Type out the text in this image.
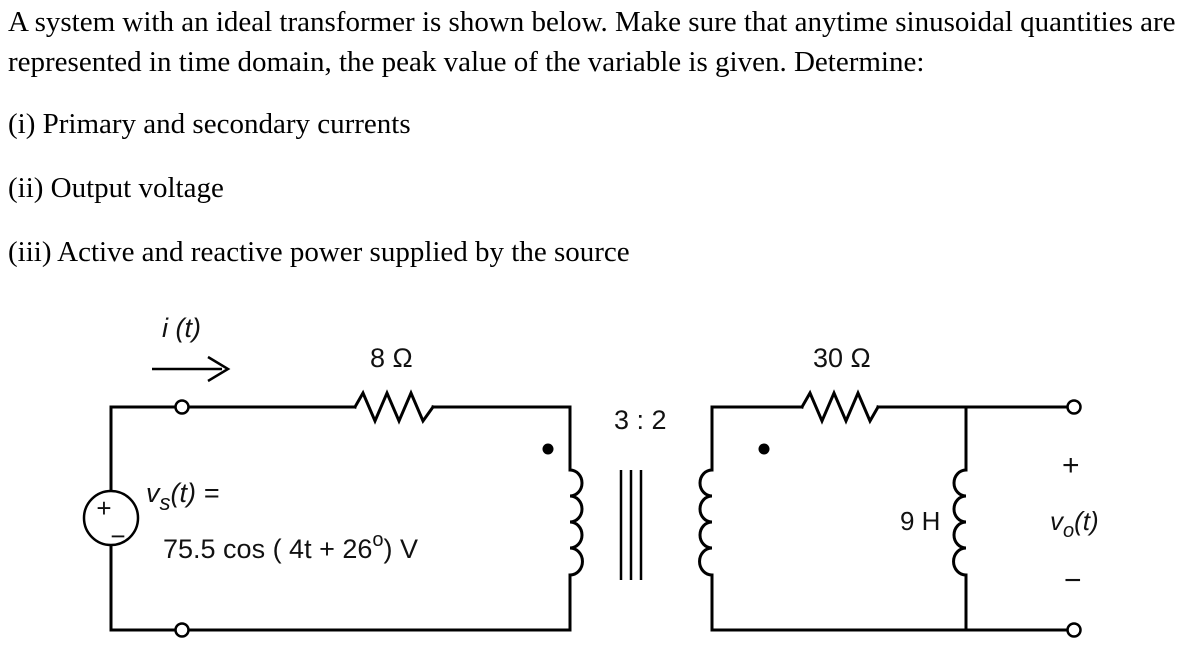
A system with an ideal transformer is shown below. Make sure that anytime sinusoidal quantities are represented in time domain, the peak value of the variable is given. Determine:

(i) Primary and secondary currents

(ii) Output voltage

(iii) Active and reactive power supplied by the source

+
−
i (t)
8 Ω
$v_s(t)$ =
75.5 cos ( $4t + 26^o$) V
3 : 2
30 Ω
9 H
+
−
$v_o(t)$
